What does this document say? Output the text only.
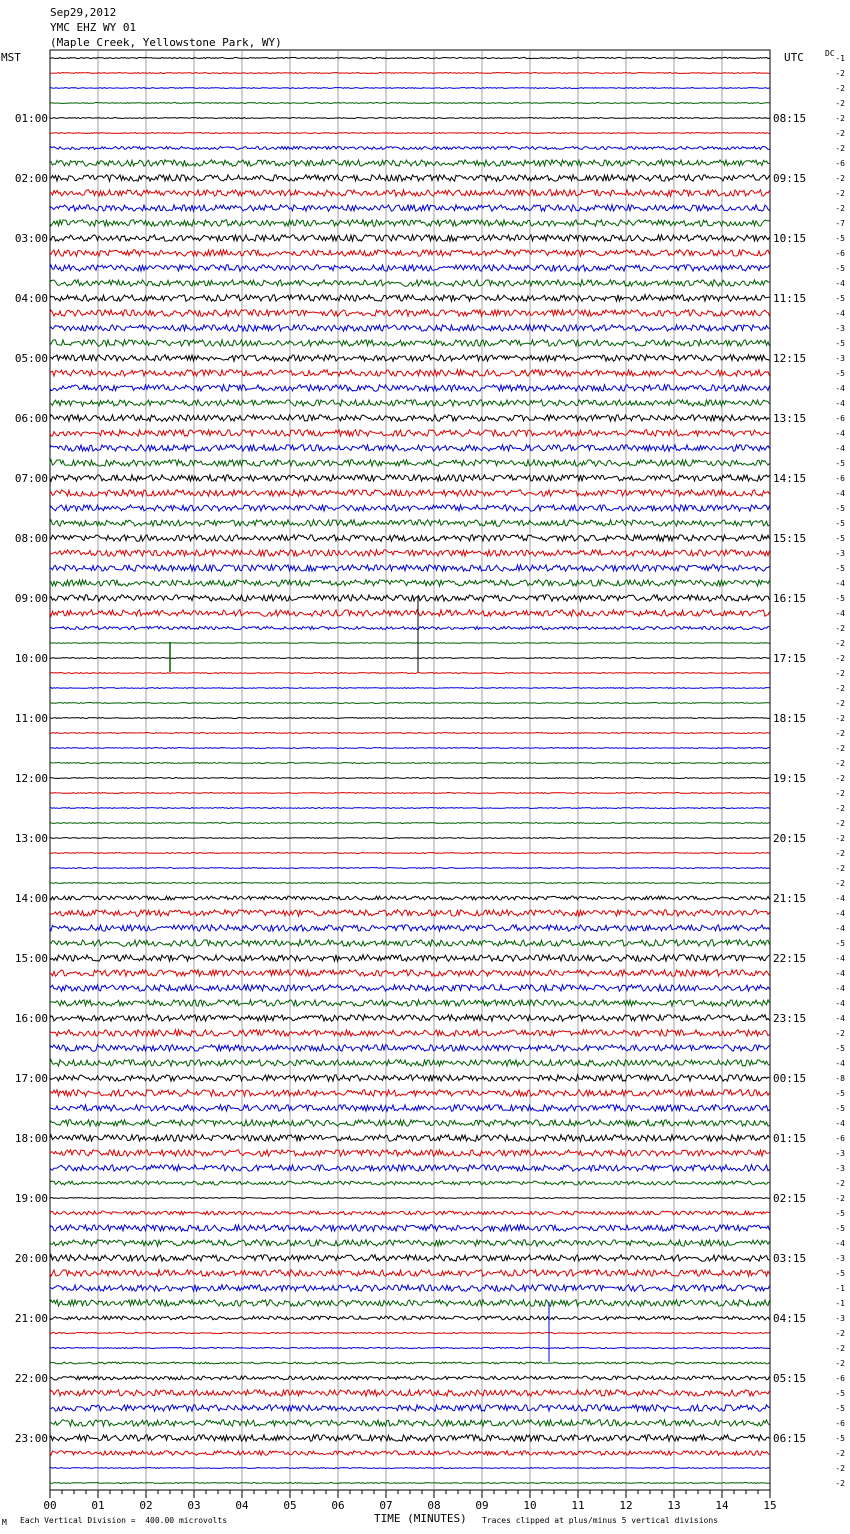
Sep29,2012
YMC EHZ WY 01
(Maple Creek, Yellowstone Park, WY)
-1
-2
-2
-2
-2
-2
-2
-6
-2
-2
-2
-7
-5
-6
-5
-4
-5
-4
-3
-5
-3
-5
-4
-4
-6
-4
-4
-5
-6
-4
-5
-5
-5
-3
-5
-4
-5
-4
-2
-2
-2
-2
-2
-2
-2
-2
-2
-2
-2
-2
-2
-2
-2
-2
-2
-2
-4
-4
-4
-5
-4
-4
-4
-4
-4
-2
-5
-4
-8
-5
-5
-4
-6
-3
-3
-2
-2
-5
-5
-4
-3
-5
-1
-1
-3
-2
-2
-2
-6
-5
-5
-6
-5
-2
-2
-2
01:00
02:00
03:00
04:00
05:00
06:00
07:00
08:00
09:00
10:00
11:00
12:00
13:00
14:00
15:00
16:00
17:00
18:00
19:00
20:00
21:00
22:00
23:00
08:15
09:15
10:15
11:15
12:15
13:15
14:15
15:15
16:15
17:15
18:15
19:15
20:15
21:15
22:15
23:15
00:15
01:15
02:15
03:15
04:15
05:15
06:15
MST	UTC	DC
00	01	02	03	04	05	06	07	08	09	10	11	12	13	14	15
M Each Vertical Division =  400.00 microvolts	Traces clipped at plus/minus 5 vertical divisions
TIME (MINUTES)
